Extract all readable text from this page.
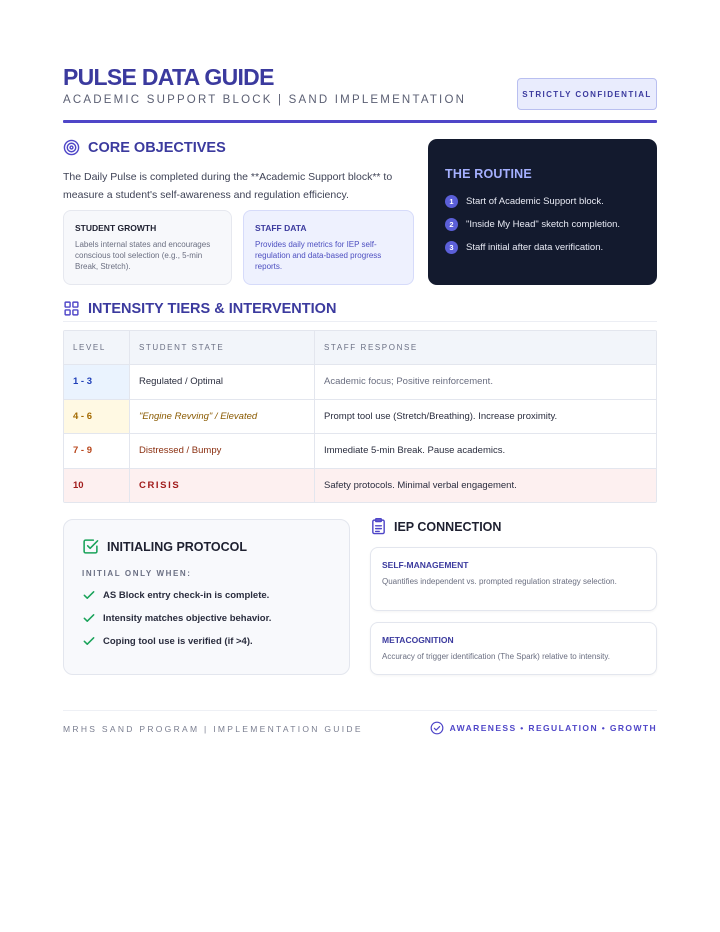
PULSE DATA GUIDE
ACADEMIC SUPPORT BLOCK | SAND IMPLEMENTATION	STRICTLY CONFIDENTIAL
CORE OBJECTIVES
The Daily Pulse is completed during the **Academic Support block** to measure a student's self-awareness and regulation efficiency.
STUDENT GROWTH
Labels internal states and encourages conscious tool selection (e.g., 5-min Break, Stretch).
STAFF DATA
Provides daily metrics for IEP self-regulation and data-based progress reports.
THE ROUTINE
1	Start of Academic Support block.
2	"Inside My Head" sketch completion.
3	Staff initial after data verification.
INTENSITY TIERS & INTERVENTION
LEVEL	STUDENT STATE	STAFF RESPONSE
1 - 3	Regulated / Optimal	Academic focus; Positive reinforcement.
4 - 6	"Engine Revving" / Elevated	Prompt tool use (Stretch/Breathing). Increase proximity.
7 - 9	Distressed / Bumpy	Immediate 5-min Break. Pause academics.
10	CRISIS	Safety protocols. Minimal verbal engagement.
INITIALING PROTOCOL
INITIAL ONLY WHEN:
AS Block entry check-in is complete.
Intensity matches objective behavior.
Coping tool use is verified (if >4).
IEP CONNECTION
SELF-MANAGEMENT
Quantifies independent vs. prompted regulation strategy selection.
METACOGNITION
Accuracy of trigger identification (The Spark) relative to intensity.
MRHS SAND PROGRAM | IMPLEMENTATION GUIDE	AWARENESS • REGULATION • GROWTH
